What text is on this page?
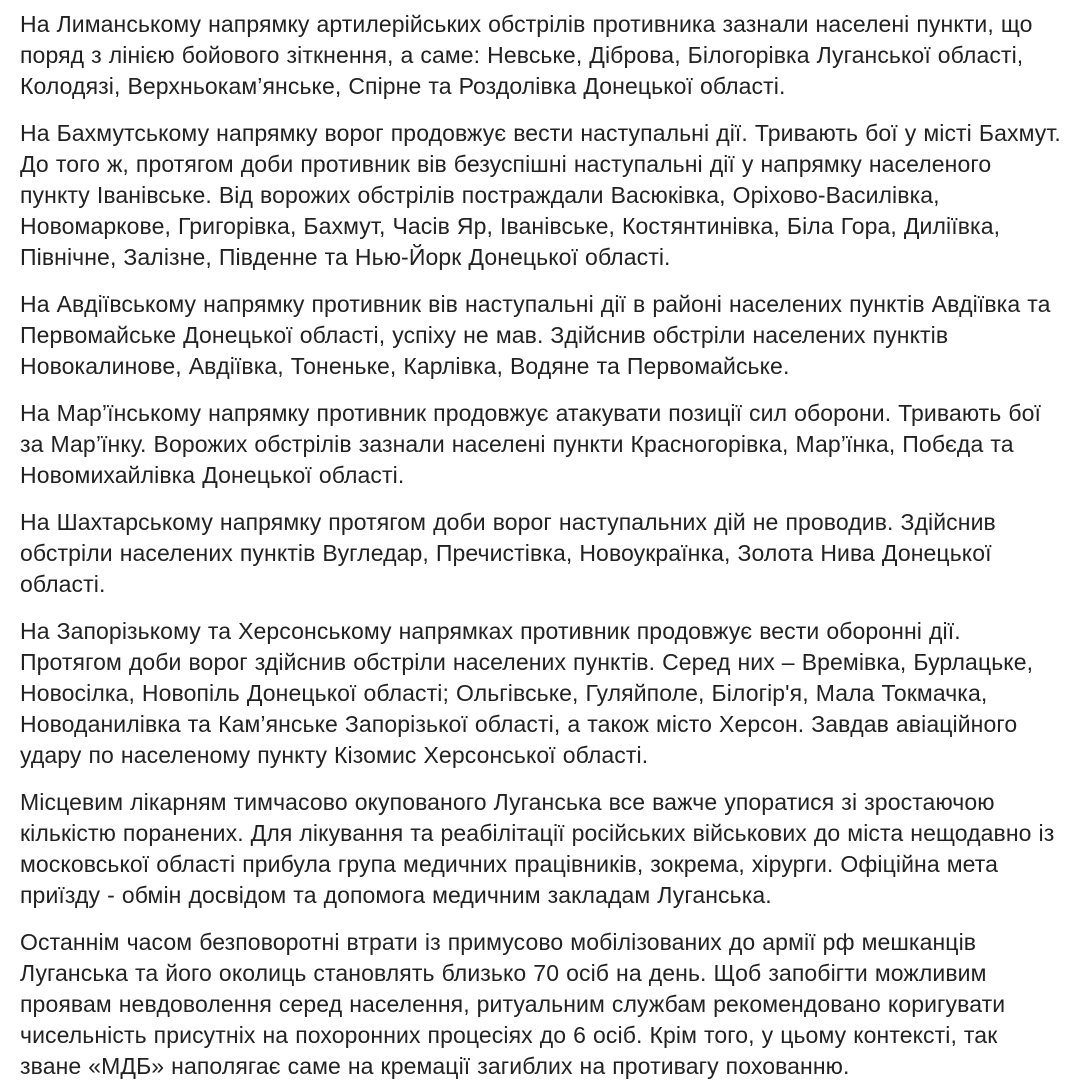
На Лиманському напрямку артилерійських обстрілів противника зазнали населені пункти, що поряд з лінією бойового зіткнення, а саме: Невське, Діброва, Білогорівка Луганської області, Колодязі, Верхньокам’янське, Спірне та Роздолівка Донецької області.

На Бахмутському напрямку ворог продовжує вести наступальні дії. Тривають бої у місті Бахмут. До того ж, протягом доби противник вів безуспішні наступальні дії у напрямку населеного пункту Іванівське. Від ворожих обстрілів постраждали Васюківка, Оріхово-Василівка, Новомаркове, Григорівка, Бахмут, Часів Яр, Іванівське, Костянтинівка, Біла Гора, Диліївка, Північне, Залізне, Південне та Нью-Йорк Донецької області.

На Авдіївському напрямку противник вів наступальні дії в районі населених пунктів Авдіївка та Первомайське Донецької області, успіху не мав. Здійснив обстріли населених пунктів Новокалинове, Авдіївка, Тоненьке, Карлівка, Водяне та Первомайське.

На Мар’їнському напрямку противник продовжує атакувати позиції сил оборони. Тривають бої за Мар’їнку. Ворожих обстрілів зазнали населені пункти Красногорівка, Мар’їнка, Побєда та Новомихайлівка Донецької області.

На Шахтарському напрямку протягом доби ворог наступальних дій не проводив. Здійснив обстріли населених пунктів Вугледар, Пречистівка, Новоукраїнка, Золота Нива Донецької області.

На Запорізькому та Херсонському напрямках противник продовжує вести оборонні дії. Протягом доби ворог здійснив обстріли населених пунктів. Серед них – Времівка, Бурлацьке, Новосілка, Новопіль Донецької області; Ольгівське, Гуляйполе, Білогір'я, Мала Токмачка, Новоданилівка та Кам’янське Запорізької області, а також місто Херсон. Завдав авіаційного удару по населеному пункту Кізомис Херсонської області.

Місцевим лікарням тимчасово окупованого Луганська все важче упоратися зі зростаючою кількістю поранених. Для лікування та реабілітації російських військових до міста нещодавно із московської області прибула група медичних працівників, зокрема, хірурги. Офіційна мета приїзду - обмін досвідом та допомога медичним закладам Луганська.

Останнім часом безповоротні втрати із примусово мобілізованих до армії рф мешканців Луганська та його околиць становлять близько 70 осіб на день. Щоб запобігти можливим проявам невдоволення серед населення, ритуальним службам рекомендовано коригувати чисельність присутніх на похоронних процесіях до 6 осіб. Крім того, у цьому контексті, так зване «МДБ» наполягає саме на кремації загиблих на противагу похованню.
